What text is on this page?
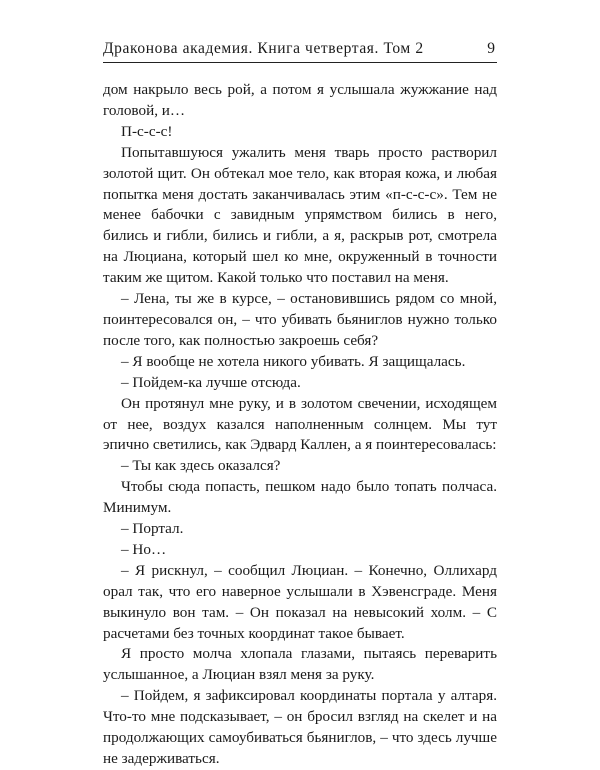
Драконова академия. Книга четвертая. Том 2	9

дом накрыло весь рой, а потом я услышала жужжание над головой, и…

П-с-с-с!

Попытавшуюся ужалить меня тварь просто растворил золотой щит. Он обтекал мое тело, как вторая кожа, и любая попытка меня достать заканчивалась этим «п-с-с-с». Тем не менее бабочки с завидным упрямством бились в него, бились и гибли, бились и гибли, а я, раскрыв рот, смотрела на Люциана, который шел ко мне, окруженный в точности таким же щитом. Какой только что поставил на меня.

– Лена, ты же в курсе, – остановившись рядом со мной, поинтересовался он, – что убивать бьяниглов нужно только после того, как полностью закроешь себя?

– Я вообще не хотела никого убивать. Я защищалась.

– Пойдем-ка лучше отсюда.

Он протянул мне руку, и в золотом свечении, исходящем от нее, воздух казался наполненным солнцем. Мы тут эпично светились, как Эдвард Каллен, а я поинтересовалась:

– Ты как здесь оказался?

Чтобы сюда попасть, пешком надо было топать полчаса. Минимум.

– Портал.

– Но…

– Я рискнул, – сообщил Люциан. – Конечно, Оллихард орал так, что его наверное услышали в Хэвенсграде. Меня выкинуло вон там. – Он показал на невысокий холм. – С расчетами без точных координат такое бывает.

Я просто молча хлопала глазами, пытаясь переварить услышанное, а Люциан взял меня за руку.

– Пойдем, я зафиксировал координаты портала у алтаря. Что-то мне подсказывает, – он бросил взгляд на скелет и на продолжающих самоубиваться бьяниглов, – что здесь лучше не задерживаться.
